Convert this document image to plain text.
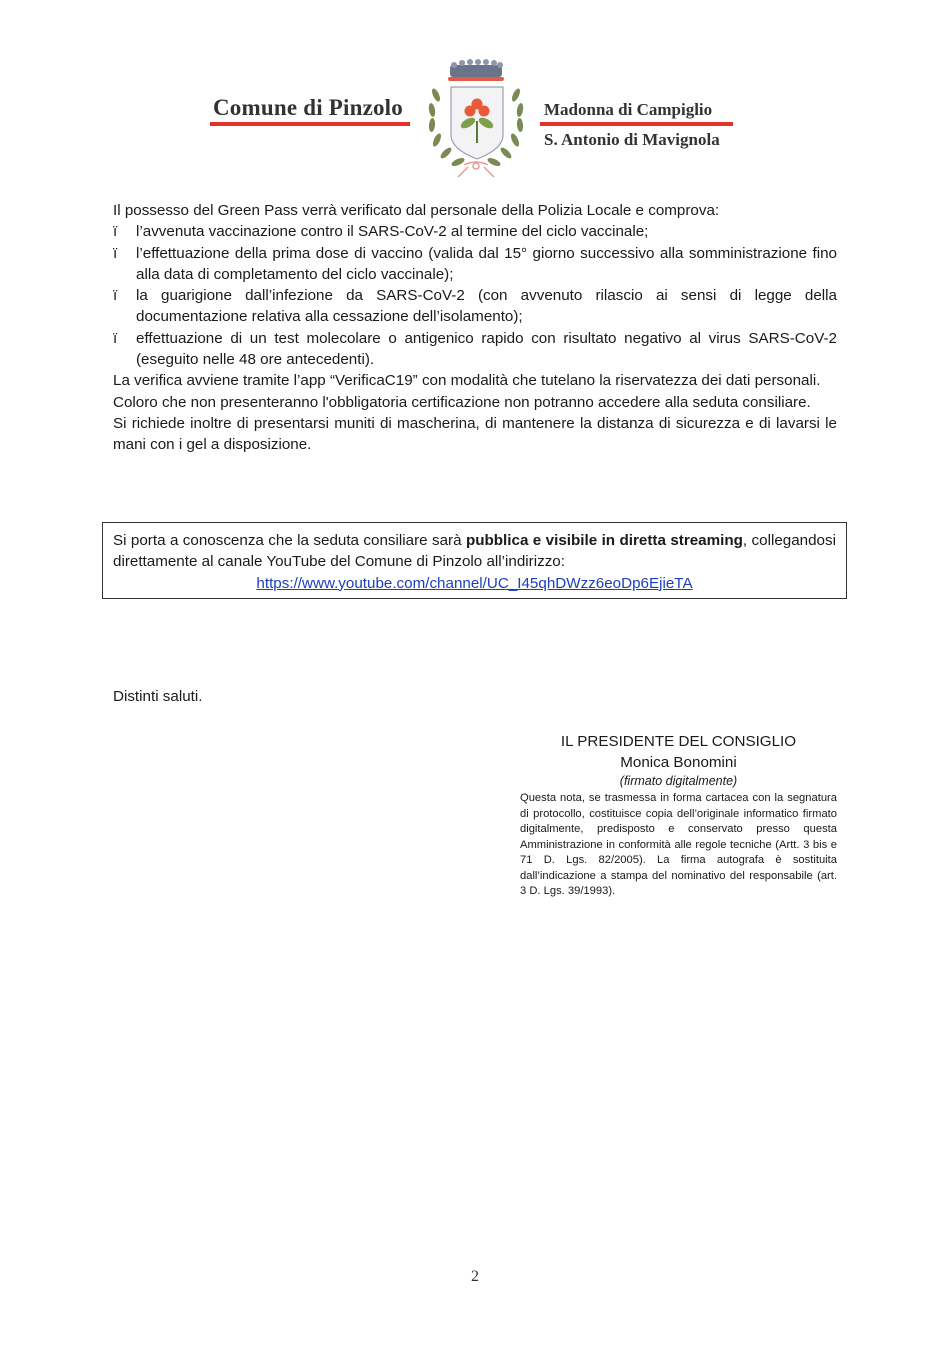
Comune di Pinzolo	Madonna di Campiglio
S. Antonio di Mavignola

Il possesso del Green Pass verrà verificato dal personale della Polizia Locale e comprova:

ï l’avvenuta vaccinazione contro il SARS-CoV-2 al termine del ciclo vaccinale;
ï l’effettuazione della prima dose di vaccino (valida dal 15° giorno successivo alla somministrazione fino alla data di completamento del ciclo vaccinale);
ï la guarigione dall’infezione da SARS-CoV-2 (con avvenuto rilascio ai sensi di legge della documentazione relativa alla cessazione dell’isolamento);
ï effettuazione di un test molecolare o antigenico rapido con risultato negativo al virus SARS-CoV-2 (eseguito nelle 48 ore antecedenti).

La verifica avviene tramite l’app “VerificaC19” con modalità che tutelano la riservatezza dei dati personali.

Coloro che non presenteranno l'obbligatoria certificazione non potranno accedere alla seduta consiliare.

Si richiede inoltre di presentarsi muniti di mascherina, di mantenere la distanza di sicurezza e di lavarsi le mani con i gel a disposizione.

Si porta a conoscenza che la seduta consiliare sarà pubblica e visibile in diretta streaming, collegandosi direttamente al canale YouTube del Comune di Pinzolo all’indirizzo:
https://www.youtube.com/channel/UC_I45qhDWzz6eoDp6EjieTA
Distinti saluti.
IL PRESIDENTE DEL CONSIGLIO
Monica Bonomini
(firmato digitalmente)
Questa nota, se trasmessa in forma cartacea con la segnatura di protocollo, costituisce copia dell’originale informatico firmato digitalmente, predisposto e conservato presso questa Amministrazione in conformità alle regole tecniche (Artt. 3 bis e 71 D. Lgs. 82/2005). La firma autografa è sostituita dall’indicazione a stampa del nominativo del responsabile (art. 3 D. Lgs. 39/1993).
2
